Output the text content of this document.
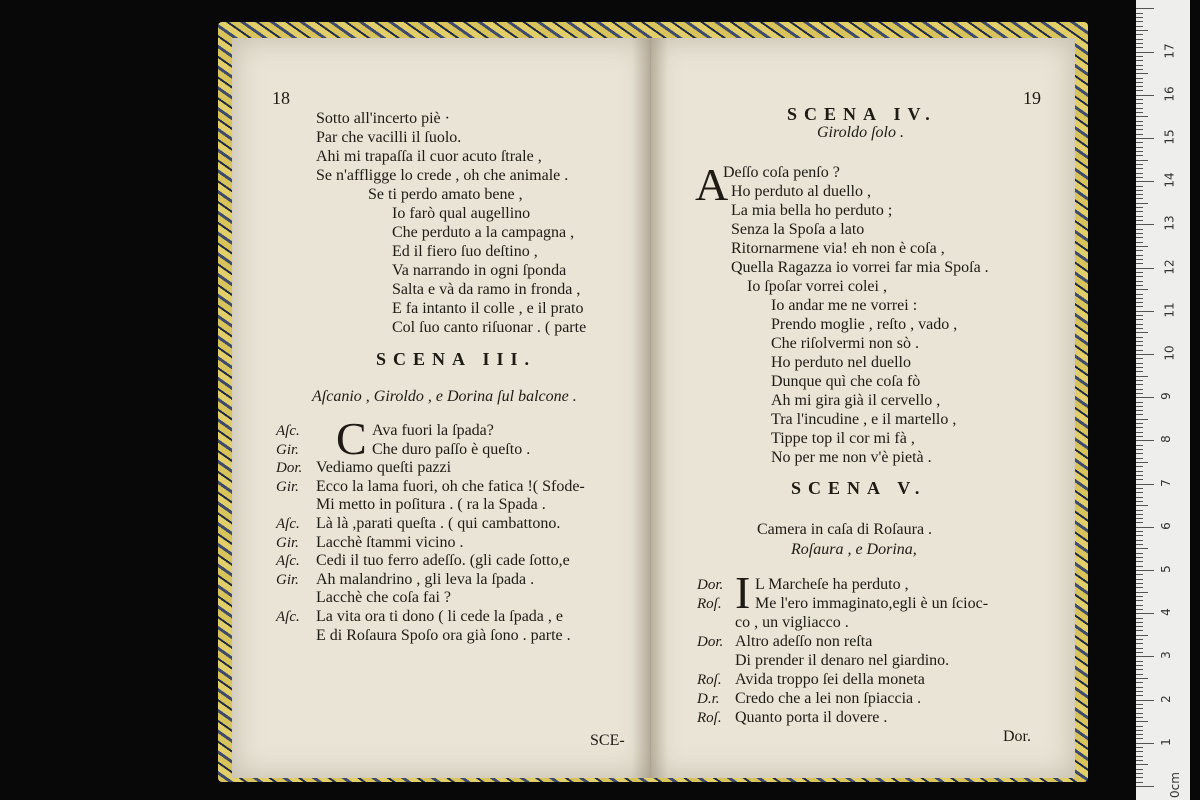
18
Sotto all'incerto piè ·
Par che vacilli il ſuolo.
Ahi mi trapaſſa il cuor acuto ſtrale ,
Se n'affligge lo crede , oh che animale .
Se ti perdo amato bene ,
Io farò qual augellino
Che perduto a la campagna ,
Ed il fiero ſuo deſtino ,
Va narrando in ogni ſponda
Salta e và da ramo in fronda ,
E fa intanto il colle , e il prato
Col ſuo canto riſuonar . ( parte
SCENA III.
Aſcanio , Giroldo , e Dorina ſul balcone .
C
Aſc.	Ava fuori la ſpada?
Gir.	Che duro paſſo è queſto .
Dor. Vediamo queſti pazzi
Gir. Ecco la lama fuori, oh che fatica !( Sfode-
Mi metto in poſitura . ( ra la Spada .
Aſc. Là là ,parati queſta . ( qui cambattono.
Gir. Lacchè ſtammi vicino .
Aſc. Cedi il tuo ferro adeſſo. (gli cade ſotto,e
Gir. Ah malandrino , gli leva la ſpada .
Lacchè che coſa fai ?
Aſc. La vita ora ti dono ( li cede la ſpada , e
E di Roſaura Spoſo ora già ſono . parte .
SCE-
19
SCENA IV.
Giroldo ſolo .
A
Deſſo coſa penſo ?
Ho perduto al duello ,
La mia bella ho perduto ;
Senza la Spoſa a lato
Ritornarmene via! eh non è coſa ,
Quella Ragazza io vorrei far mia Spoſa .
Io ſpoſar vorrei colei ,
Io andar me ne vorrei :
Prendo moglie , reſto , vado ,
Che riſolvermi non sò .
Ho perduto nel duello
Dunque quì che coſa fò
Ah mi gira già il cervello ,
Tra l'incudine , e il martello ,
Tippe top il cor mi fà ,
No per me non v'è pietà .
SCENA V.
Camera in caſa di Roſaura .
Roſaura , e Dorina,
I
Dor. L Marcheſe ha perduto ,
Roſ. Me l'ero immaginato,egli è un ſcioc-
co , un vigliacco .
Dor. Altro adeſſo non reſta
Di prender il denaro nel giardino.
Roſ. Avida troppo ſei della moneta
D.r. Credo che a lei non ſpiaccia .
Roſ. Quanto porta il dovere .
Dor.
0cm
1
2
3
4
5
6
7
8
9
10
11
12
13
14
15
16
17
